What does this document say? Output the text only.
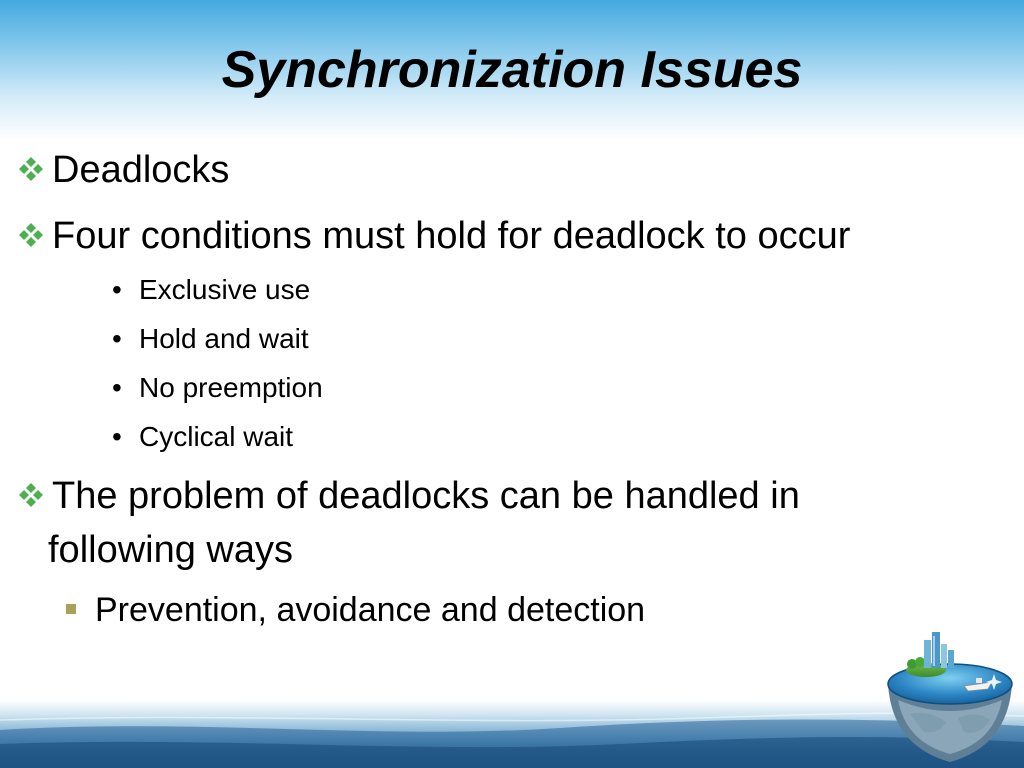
Synchronization Issues

Deadlocks

Four conditions must hold for deadlock to occur

• Exclusive use

• Hold and wait

• No preemption

• Cyclical wait

The problem of deadlocks can be handled in

following ways

Prevention, avoidance and detection
